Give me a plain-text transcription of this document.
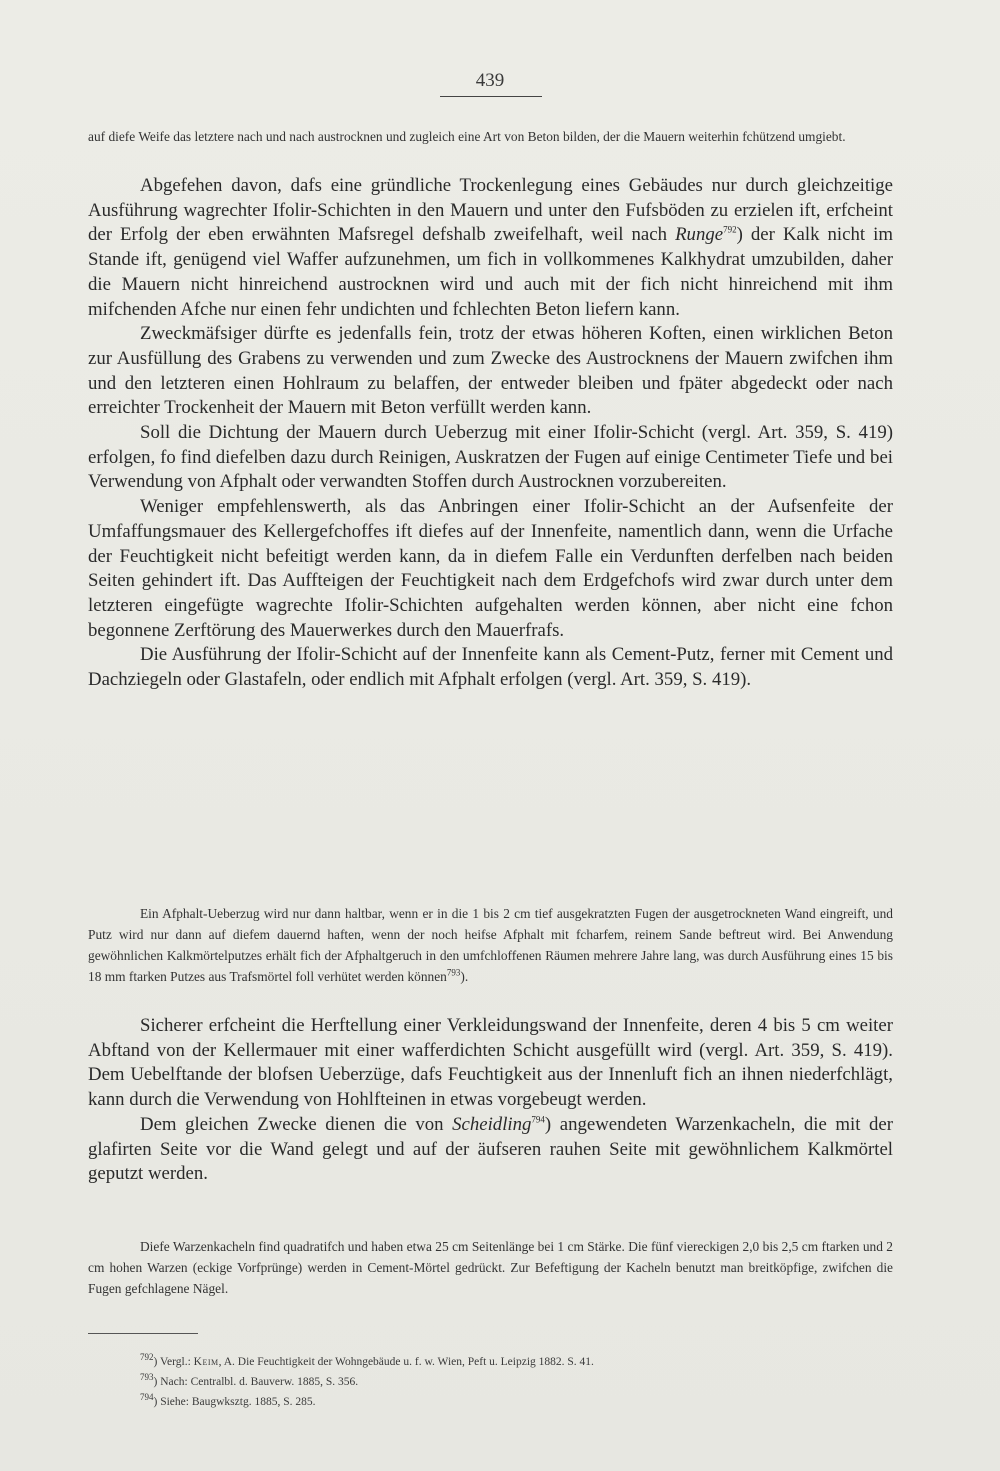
439

auf diefe Weife das letztere nach und nach austrocknen und zugleich eine Art von Beton bilden, der die Mauern weiterhin fchützend umgiebt.

Abgefehen davon, dafs eine gründliche Trockenlegung eines Gebäudes nur durch gleichzeitige Ausführung wagrechter Ifolir-Schichten in den Mauern und unter den Fufsböden zu erzielen ift, erfcheint der Erfolg der eben erwähnten Mafsregel defshalb zweifelhaft, weil nach Runge$^{792}$) der Kalk nicht im Stande ift, genügend viel Waffer aufzunehmen, um fich in vollkommenes Kalkhydrat umzubilden, daher die Mauern nicht hinreichend austrocknen wird und auch mit der fich nicht hinreichend mit ihm mifchenden Afche nur einen fehr undichten und fchlechten Beton liefern kann.

Zweckmäfsiger dürfte es jedenfalls fein, trotz der etwas höheren Koften, einen wirklichen Beton zur Ausfüllung des Grabens zu verwenden und zum Zwecke des Austrocknens der Mauern zwifchen ihm und den letzteren einen Hohlraum zu belaffen, der entweder bleiben und fpäter abgedeckt oder nach erreichter Trockenheit der Mauern mit Beton verfüllt werden kann.

Soll die Dichtung der Mauern durch Ueberzug mit einer Ifolir-Schicht (vergl. Art. 359, S. 419) erfolgen, fo find diefelben dazu durch Reinigen, Auskratzen der Fugen auf einige Centimeter Tiefe und bei Verwendung von Afphalt oder verwandten Stoffen durch Austrocknen vorzubereiten.

Weniger empfehlenswerth, als das Anbringen einer Ifolir-Schicht an der Aufsenfeite der Umfaffungsmauer des Kellergefchoffes ift diefes auf der Innenfeite, namentlich dann, wenn die Urfache der Feuchtigkeit nicht befeitigt werden kann, da in diefem Falle ein Verdunften derfelben nach beiden Seiten gehindert ift. Das Auffteigen der Feuchtigkeit nach dem Erdgefchofs wird zwar durch unter dem letzteren eingefügte wagrechte Ifolir-Schichten aufgehalten werden können, aber nicht eine fchon begonnene Zerftörung des Mauerwerkes durch den Mauerfrafs.

Die Ausführung der Ifolir-Schicht auf der Innenfeite kann als Cement-Putz, ferner mit Cement und Dachziegeln oder Glastafeln, oder endlich mit Afphalt erfolgen (vergl. Art. 359, S. 419).

Ein Afphalt-Ueberzug wird nur dann haltbar, wenn er in die 1 bis 2 cm tief ausgekratzten Fugen der ausgetrockneten Wand eingreift, und Putz wird nur dann auf diefem dauernd haften, wenn der noch heifse Afphalt mit fcharfem, reinem Sande beftreut wird. Bei Anwendung gewöhnlichen Kalkmörtelputzes erhält fich der Afphaltgeruch in den umfchloffenen Räumen mehrere Jahre lang, was durch Ausführung eines 15 bis 18 mm ftarken Putzes aus Trafsmörtel foll verhütet werden können$^{793}$).

Sicherer erfcheint die Herftellung einer Verkleidungswand der Innenfeite, deren 4 bis 5 cm weiter Abftand von der Kellermauer mit einer wafferdichten Schicht ausgefüllt wird (vergl. Art. 359, S. 419). Dem Uebelftande der blofsen Ueberzüge, dafs Feuchtigkeit aus der Innenluft fich an ihnen niederfchlägt, kann durch die Verwendung von Hohlfteinen in etwas vorgebeugt werden.

Dem gleichen Zwecke dienen die von Scheidling$^{794}$) angewendeten Warzenkacheln, die mit der glafirten Seite vor die Wand gelegt und auf der äufseren rauhen Seite mit gewöhnlichem Kalkmörtel geputzt werden.

Diefe Warzenkacheln find quadratifch und haben etwa 25 cm Seitenlänge bei 1 cm Stärke. Die fünf viereckigen 2,0 bis 2,5 cm ftarken und 2 cm hohen Warzen (eckige Vorfprünge) werden in Cement-Mörtel gedrückt. Zur Befeftigung der Kacheln benutzt man breitköpfige, zwifchen die Fugen gefchlagene Nägel.

$^{792}$) Vergl.: Keim, A. Die Feuchtigkeit der Wohngebäude u. f. w. Wien, Peft u. Leipzig 1882. S. 41.
$^{793}$) Nach: Centralbl. d. Bauverw. 1885, S. 356.
$^{794}$) Siehe: Baugwksztg. 1885, S. 285.
